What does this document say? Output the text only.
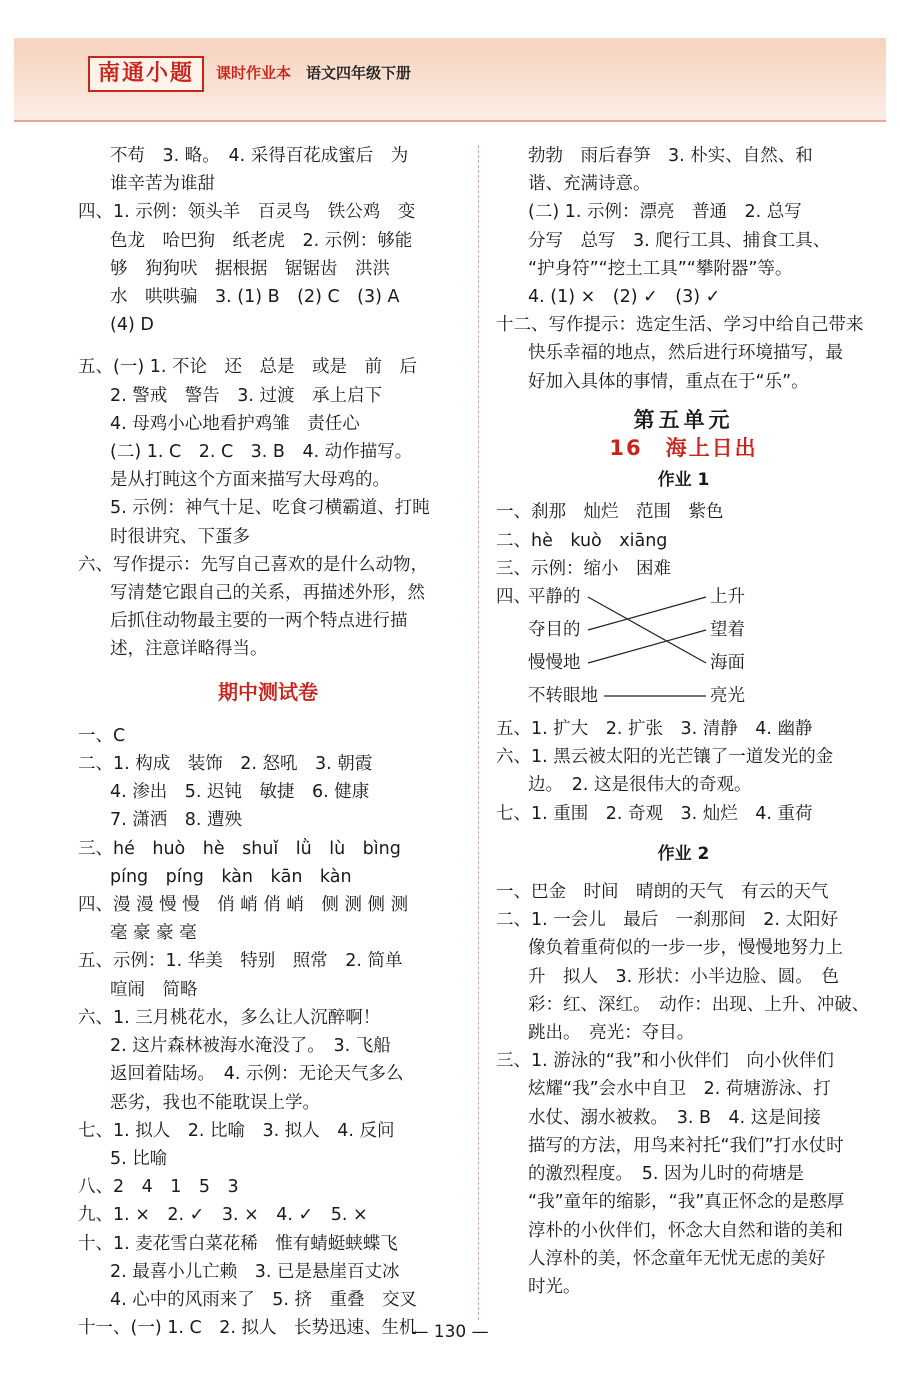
南通小题	课时作业本 语文四年级下册
不苟　3. 略。　4. 采得百花成蜜后　为
谁辛苦为谁甜
四、1. 示例：领头羊　百灵鸟　铁公鸡　变
色龙　哈巴狗　纸老虎　2. 示例：够能
够　狗狗吠　据根据　锯锯齿　洪洪
水　哄哄骗　3. (1) B　(2) C　(3) A
(4) D
五、(一) 1. 不论　还　总是　或是　前　后
2. 警戒　警告　3. 过渡　承上启下
4. 母鸡小心地看护鸡雏　责任心
(二) 1. C　2. C　3. B　4. 动作描写。
是从打盹这个方面来描写大母鸡的。
5. 示例：神气十足、吃食刁横霸道、打盹
时很讲究、下蛋多
六、写作提示：先写自己喜欢的是什么动物，
写清楚它跟自己的关系，再描述外形，然
后抓住动物最主要的一两个特点进行描
述，注意详略得当。
期中测试卷
一、C
二、1. 构成　装饰　2. 怒吼　3. 朝霞
4. 渗出　5. 迟钝　敏捷　6. 健康
7. 潇洒　8. 遭殃
三、hé　huò　hè　shuǐ　lǜ　lù　bìng
píng　píng　kàn　kān　kàn
四、漫 漫 慢 慢　俏 峭 俏 峭　侧 测 侧 测
毫 豪 豪 毫
五、示例：1. 华美　特别　照常　2. 简单
喧闹　简略
六、1. 三月桃花水，多么让人沉醉啊！
2. 这片森林被海水淹没了。　3. 飞船
返回着陆场。　4. 示例：无论天气多么
恶劣，我也不能耽误上学。
七、1. 拟人　2. 比喻　3. 拟人　4. 反问
5. 比喻
八、2　4　1　5　3
九、1. ×　2. ✓　3. ×　4. ✓　5. ×
十、1. 麦花雪白菜花稀　惟有蜻蜓蛱蝶飞
2. 最喜小儿亡赖　3. 已是悬崖百丈冰
4. 心中的风雨来了　5. 挤　重叠　交叉
十一、(一) 1. C　2. 拟人　长势迅速、生机
勃勃　雨后春笋　3. 朴实、自然、和
谐、充满诗意。
(二) 1. 示例：漂亮　普通　2. 总写
分写　总写　3. 爬行工具、捕食工具、
“护身符”“挖土工具”“攀附器”等。
4. (1) ×　(2) ✓　(3) ✓
十二、写作提示：选定生活、学习中给自己带来
快乐幸福的地点，然后进行环境描写，最
好加入具体的事情，重点在于“乐”。
第五单元
16　海上日出
作业 1
一、刹那　灿烂　范围　紫色
二、hè　kuò　xiāng
三、示例：缩小　困难
四、
平静的
夺目的
慢慢地
不转眼地
上升
望着
海面
亮光
五、1. 扩大　2. 扩张　3. 清静　4. 幽静
六、1. 黑云被太阳的光芒镶了一道发光的金
边。　2. 这是很伟大的奇观。
七、1. 重围　2. 奇观　3. 灿烂　4. 重荷
作业 2
一、巴金　时间　晴朗的天气　有云的天气
二、1. 一会儿　最后　一刹那间　2. 太阳好
像负着重荷似的一步一步，慢慢地努力上
升　拟人　3. 形状：小半边脸、圆。　色
彩：红、深红。　动作：出现、上升、冲破、
跳出。　亮光：夺目。
三、1. 游泳的“我”和小伙伴们　向小伙伴们
炫耀“我”会水中自卫　2. 荷塘游泳、打
水仗、溺水被救。　3. B　4. 这是间接
描写的方法，用鸟来衬托“我们”打水仗时
的激烈程度。　5. 因为儿时的荷塘是
“我”童年的缩影，“我”真正怀念的是憨厚
淳朴的小伙伴们，怀念大自然和谐的美和
人淳朴的美，怀念童年无忧无虑的美好
时光。
— 130 —
